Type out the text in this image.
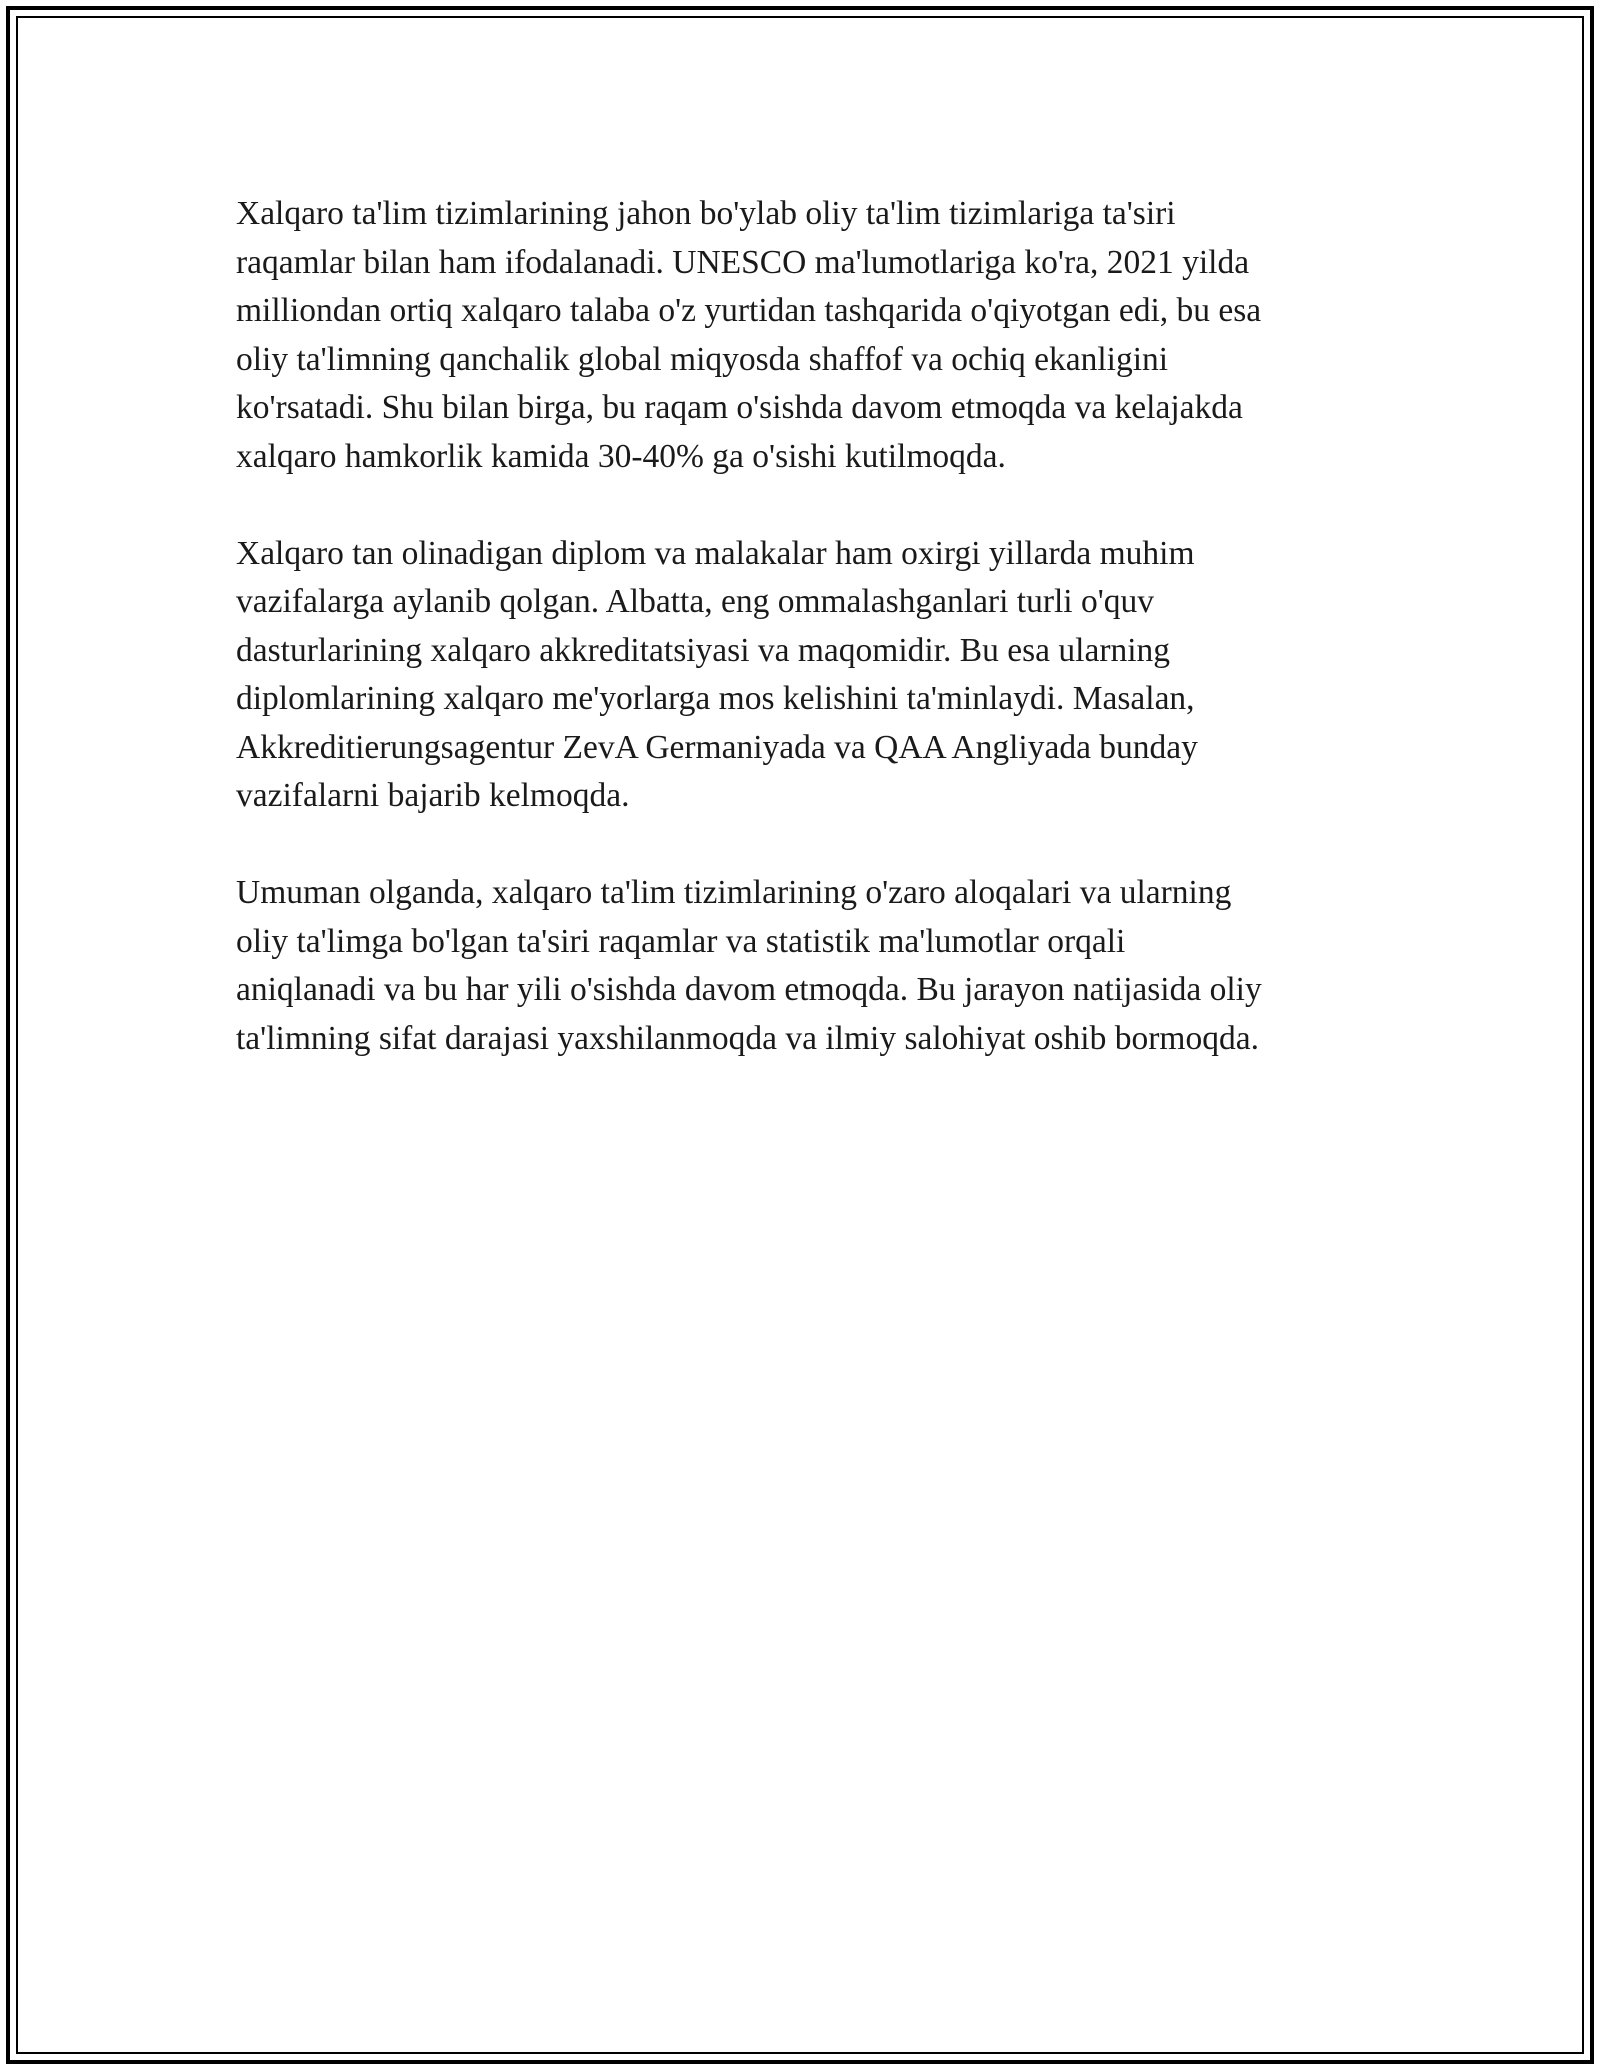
Xalqaro ta'lim tizimlarining jahon bo'ylab oliy ta'lim tizimlariga ta'siri
raqamlar bilan ham ifodalanadi. UNESCO ma'lumotlariga ko'ra, 2021 yilda
milliondan ortiq xalqaro talaba o'z yurtidan tashqarida o'qiyotgan edi, bu esa
oliy ta'limning qanchalik global miqyosda shaffof va ochiq ekanligini
ko'rsatadi. Shu bilan birga, bu raqam o'sishda davom etmoqda va kelajakda
xalqaro hamkorlik kamida 30-40% ga o'sishi kutilmoqda.

Xalqaro tan olinadigan diplom va malakalar ham oxirgi yillarda muhim
vazifalarga aylanib qolgan. Albatta, eng ommalashganlari turli o'quv
dasturlarining xalqaro akkreditatsiyasi va maqomidir. Bu esa ularning
diplomlarining xalqaro me'yorlarga mos kelishini ta'minlaydi. Masalan,
Akkreditierungsagentur ZevA Germaniyada va QAA Angliyada bunday
vazifalarni bajarib kelmoqda.

Umuman olganda, xalqaro ta'lim tizimlarining o'zaro aloqalari va ularning
oliy ta'limga bo'lgan ta'siri raqamlar va statistik ma'lumotlar orqali
aniqlanadi va bu har yili o'sishda davom etmoqda. Bu jarayon natijasida oliy
ta'limning sifat darajasi yaxshilanmoqda va ilmiy salohiyat oshib bormoqda.
